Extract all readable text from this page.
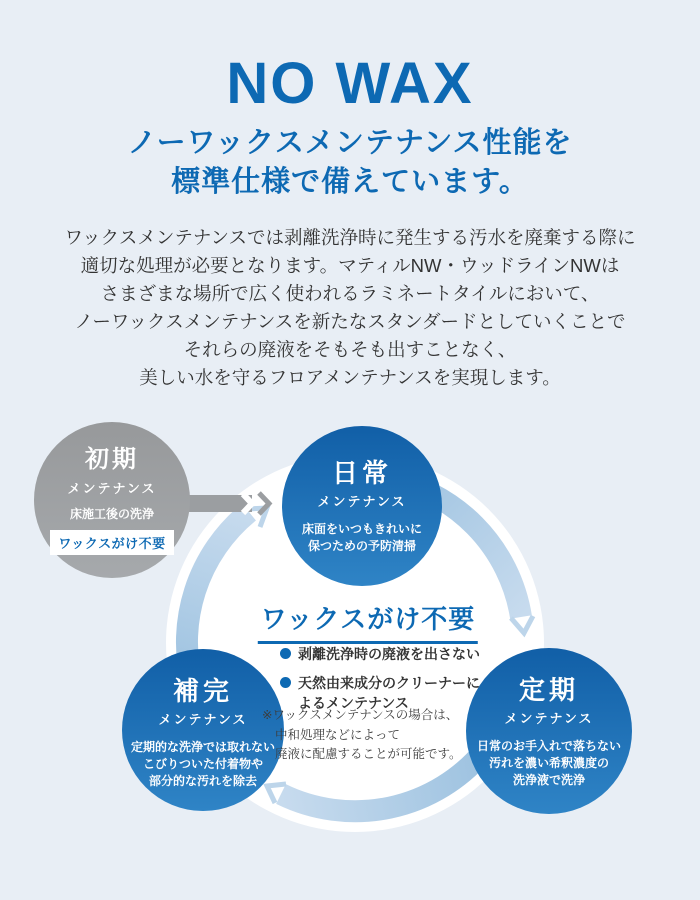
NO WAX
ノーワックスメンテナンス性能を
標準仕様で備えています。
ワックスメンテナンスでは剥離洗浄時に発生する汚水を廃棄する際に
適切な処理が必要となります。マティルNW・ウッドラインNWは
さまざまな場所で広く使われるラミネートタイルにおいて、
ノーワックスメンテナンスを新たなスタンダードとしていくことで
それらの廃液をそもそも出すことなく、
美しい水を守るフロアメンテナンスを実現します。
初期
メンテナンス
床施工後の洗浄
ワックスがけ不要
日常
メンテナンス
床面をいつもきれいに
保つための予防清掃
補完
メンテナンス
定期的な洗浄では取れない
こびりついた付着物や
部分的な汚れを除去
定期
メンテナンス
日常のお手入れで落ちない
汚れを濃い希釈濃度の
洗浄液で洗浄
ワックスがけ不要
剥離洗浄時の廃液を出さない
天然由来成分のクリーナーに
よるメンテナンス
※ワックスメンテナンスの場合は、
中和処理などによって
廃液に配慮することが可能です。
